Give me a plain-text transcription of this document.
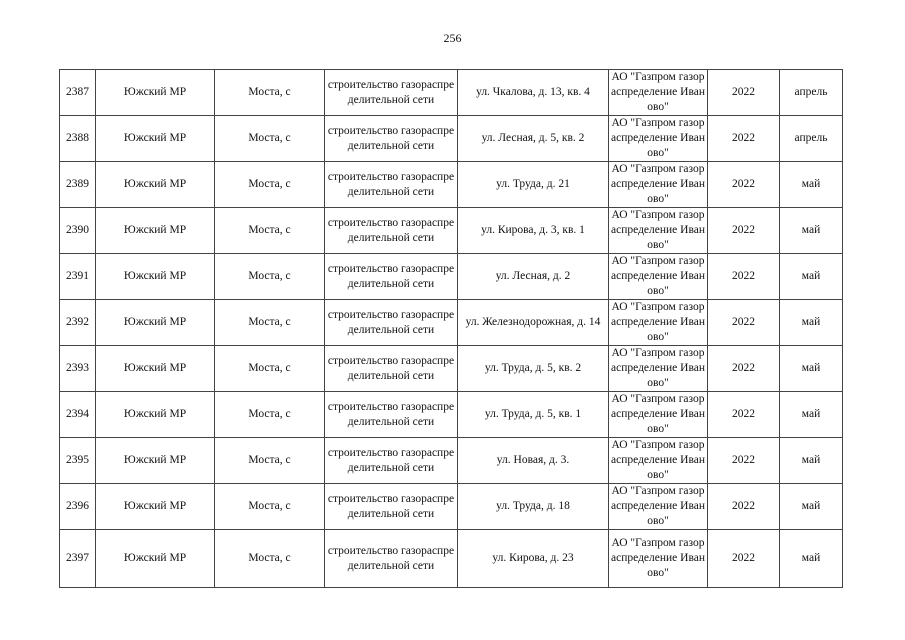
256
2387	Южский МР	Моста, с	строительство газораспределительной сети	ул. Чкалова, д. 13, кв. 4	АО "Газпром газораспределение Иваново"	2022	апрель
2388	Южский МР	Моста, с	строительство газораспределительной сети	ул. Лесная, д. 5, кв. 2	АО "Газпром газораспределение Иваново"	2022	апрель
2389	Южский МР	Моста, с	строительство газораспределительной сети	ул. Труда, д. 21	АО "Газпром газораспределение Иваново"	2022	май
2390	Южский МР	Моста, с	строительство газораспределительной сети	ул. Кирова, д. 3, кв. 1	АО "Газпром газораспределение Иваново"	2022	май
2391	Южский МР	Моста, с	строительство газораспределительной сети	ул. Лесная, д. 2	АО "Газпром газораспределение Иваново"	2022	май
2392	Южский МР	Моста, с	строительство газораспределительной сети	ул. Железнодорожная, д. 14	АО "Газпром газораспределение Иваново"	2022	май
2393	Южский МР	Моста, с	строительство газораспределительной сети	ул. Труда, д. 5, кв. 2	АО "Газпром газораспределение Иваново"	2022	май
2394	Южский МР	Моста, с	строительство газораспределительной сети	ул. Труда, д. 5, кв. 1	АО "Газпром газораспределение Иваново"	2022	май
2395	Южский МР	Моста, с	строительство газораспределительной сети	ул. Новая, д. 3.	АО "Газпром газораспределение Иваново"	2022	май
2396	Южский МР	Моста, с	строительство газораспределительной сети	ул. Труда, д. 18	АО "Газпром газораспределение Иваново"	2022	май
2397	Южский МР	Моста, с	строительство газораспределительной сети	ул. Кирова, д. 23	АО "Газпром газораспределение Иваново"	2022	май
